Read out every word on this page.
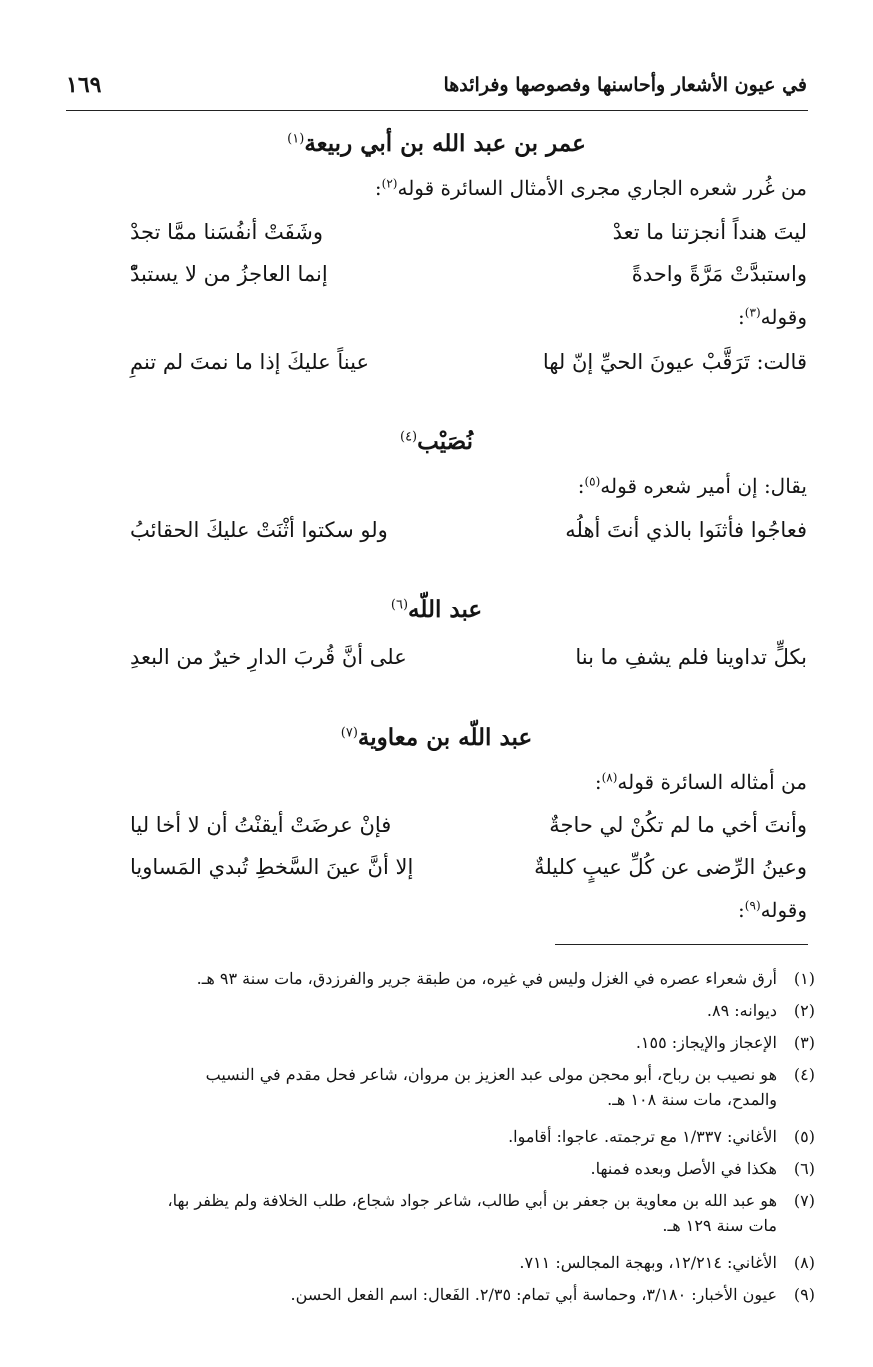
في عيون الأشعار وأحاسنها وفصوصها وفرائدها
١٦٩
عمر بن عبد الله بن أبي ربيعة$^{(١)}$
من غُرر شعره الجاري مجرى الأمثال السائرة قوله$^{(٢)}$:
ليتَ هنداً أنجزتنا ما تعدْ
وشَفَتْ أنفُسَنا ممَّا تجدْ
واستبدَّتْ مَرَّةً واحدةً
إنما العاجزُ من لا يستبدّْ
وقوله$^{(٣)}$:
قالت: تَرَقَّبْ عيونَ الحيِّ إنّ لها
عيناً عليكَ إذا ما نمتَ لم تنمِ
نُصَيْب$^{(٤)}$
يقال: إن أمير شعره قوله$^{(٥)}$:
فعاجُوا فأثنَوا بالذي أنتَ أهلُه
ولو سكتوا أثْنَتْ عليكَ الحقائبُ
عبد اللّه$^{(٦)}$
بكلٍّ تداوينا فلم يشفِ ما بنا
على أنَّ قُربَ الدارِ خيرٌ من البعدِ
عبد اللّه بن معاوية$^{(٧)}$
من أمثاله السائرة قوله$^{(٨)}$:
وأنتَ أخي ما لم تكُنْ لي حاجةٌ
فإنْ عرضَتْ أيقنْتُ أن لا أخا ليا
وعينُ الرِّضى عن كُلِّ عيبٍ كليلةٌ
إلا أنَّ عينَ السَّخطِ تُبدي المَساويا
وقوله$^{(٩)}$:
(١)أرق شعراء عصره في الغزل وليس في غيره، من طبقة جرير والفرزدق، مات سنة ٩٣ هـ.
(٢)ديوانه: ٨٩.
(٣)الإعجاز والإيجاز: ١٥٥.
(٤)هو نصيب بن رباح، أبو محجن مولى عبد العزيز بن مروان، شاعر فحل مقدم في النسيب
والمدح، مات سنة ١٠٨ هـ.
(٥)الأغاني: ١/٣٣٧ مع ترجمته. عاجوا: أقاموا.
(٦)هكذا في الأصل وبعده فمنها.
(٧)هو عبد الله بن معاوية بن جعفر بن أبي طالب، شاعر جواد شجاع، طلب الخلافة ولم يظفر بها،
مات سنة ١٢٩ هـ.
(٨)الأغاني: ١٢/٢١٤، وبهجة المجالس: ٧١١.
(٩)عيون الأخبار: ٣/١٨٠، وحماسة أبي تمام: ٢/٣٥. الفَعال: اسم الفعل الحسن.
